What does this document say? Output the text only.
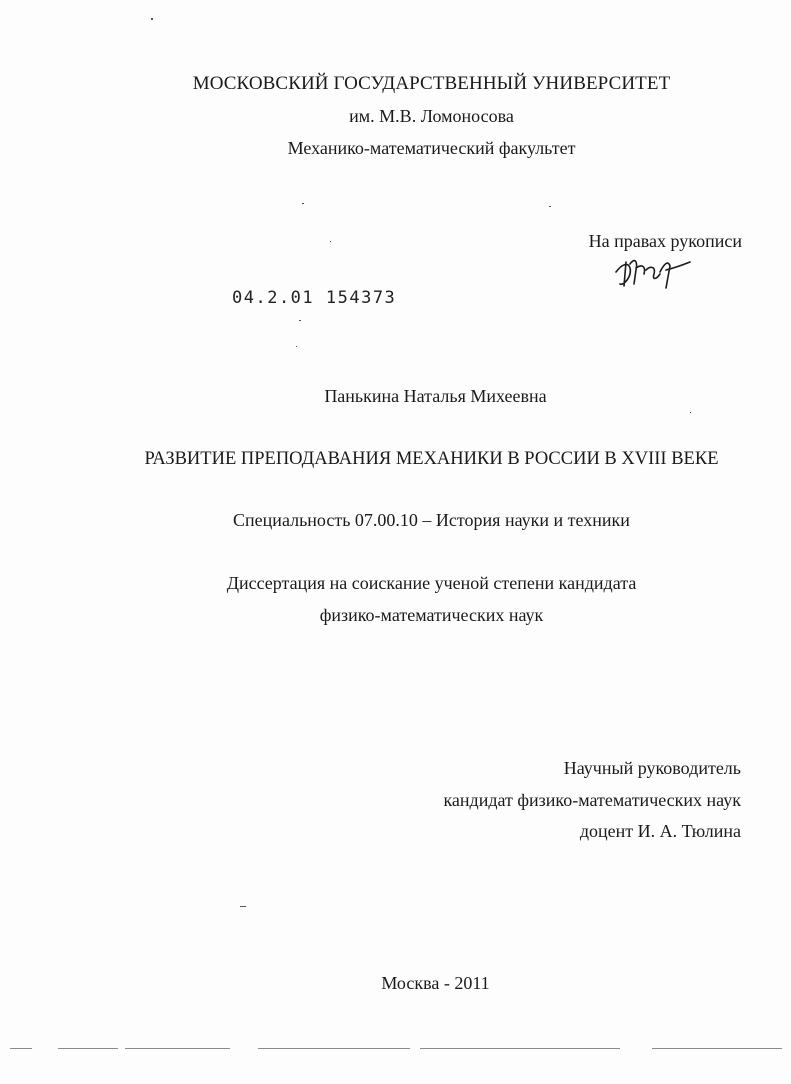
МОСКОВСКИЙ ГОСУДАРСТВЕННЫЙ УНИВЕРСИТЕТ
им. М.В. Ломоносова
Механико-математический факультет
На правах рукописи
04.2.01 154373
Панькина Наталья Михеевна
РАЗВИТИЕ ПРЕПОДАВАНИЯ МЕХАНИКИ В РОССИИ В XVIII ВЕКЕ
Специальность 07.00.10 – История науки и техники
Диссертация на соискание ученой степени кандидата
физико-математических наук
Научный руководитель
кандидат физико-математических наук
доцент И. А. Тюлина
Москва - 2011
